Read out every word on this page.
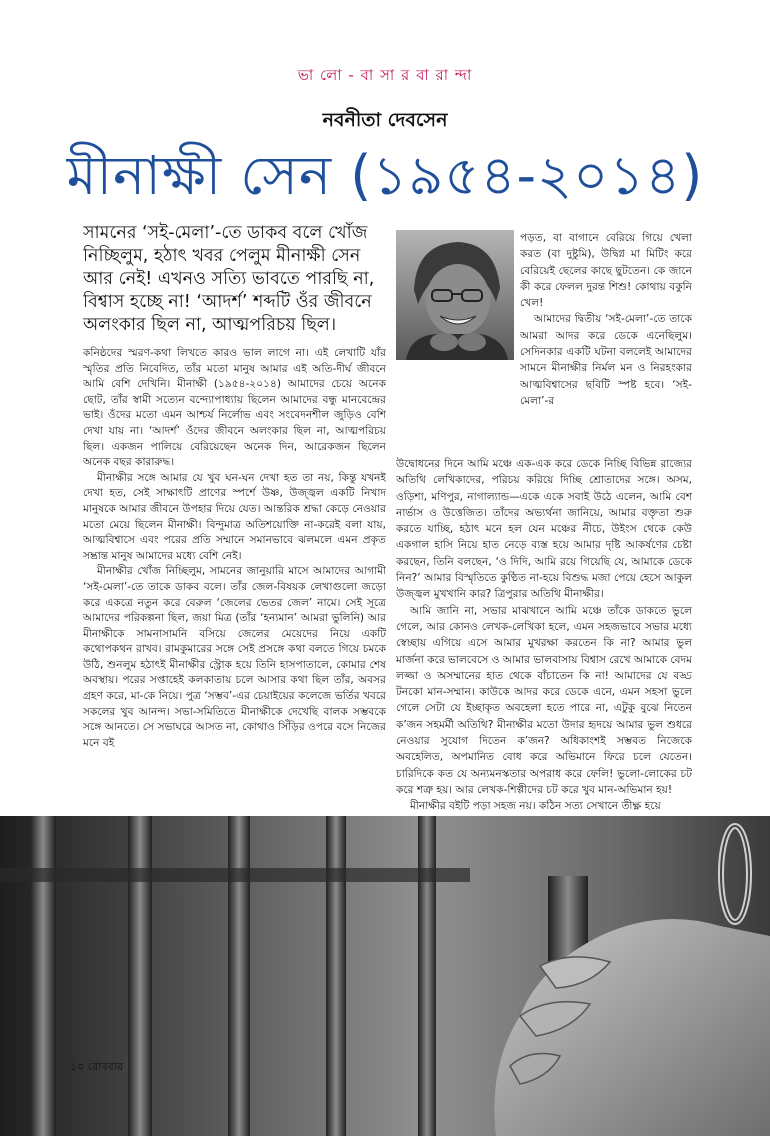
ভা লো - বা সা র বা রা ন্দা
নবনীতা দেবসেন
মীনাক্ষী সেন (১৯৫৪-২০১৪)
সামনের ‘সই-মেলা’-তে ডাকব বলে খোঁজ নিচ্ছিলুম, হঠাৎ খবর পেলুম মীনাক্ষী সেন আর নেই! এখনও সত্যি ভাবতে পারছি না, বিশ্বাস হচ্ছে না! ‘আদর্শ’ শব্দটি ওঁর জীবনে অলংকার ছিল না, আত্মপরিচয় ছিল।

কনিষ্ঠদের স্মরণ-কথা লিখতে কারও ভাল লাগে না। এই লেখাটি যাঁর স্মৃতির প্রতি নিবেদিত, তাঁর মতো মানুষ আমার এই অতি-দীর্ঘ জীবনে আমি বেশি দেখিনি। মীনাক্ষী (১৯৫৪-২০১৪) আমাদের চেয়ে অনেক ছোট, তাঁর স্বামী সত্যেন বন্দ্যোপাধ্যায় ছিলেন আমাদের বন্ধু মানবেন্দ্রের ভাই। ওঁদের মতো এমন আশ্চর্য নির্লোভ এবং সংবেদনশীল জুড়িও বেশি দেখা যায় না। ‘আদর্শ’ ওঁদের জীবনে অলংকার ছিল না, আত্মপরিচয় ছিল। একজন পালিয়ে বেরিয়েছেন অনেক দিন, আরেকজন ছিলেন অনেক বছর কারারুদ্ধ।

মীনাক্ষীর সঙ্গে আমার যে খুব ঘন-ঘন দেখা হত তা নয়, কিন্তু যখনই দেখা হত, সেই সাক্ষাৎটি প্রাণের স্পর্শে উষ্ণ, উজ্জ্বল একটি নিখাদ মানুষকে আমার জীবনে উপহার দিয়ে যেত। আন্তরিক শ্রদ্ধা কেড়ে নেওয়ার মতো মেয়ে ছিলেন মীনাক্ষী। বিন্দুমাত্র অতিশয়োক্তি না-করেই বলা যায়, আত্মবিশ্বাসে এবং পরের প্রতি সম্মানে সমানভাবে ঝলমলে এমন প্রকৃত সম্ভ্রান্ত মানুষ আমাদের মধ্যে বেশি নেই।

মীনাক্ষীর খোঁজ নিচ্ছিলুম, সামনের জানুয়ারি মাসে আমাদের আগামী ‘সই-মেলা’-তে তাকে ডাকব বলে। তাঁর জেল-বিষয়ক লেখাগুলো জড়ো করে একত্রে নতুন করে বেরুল ‘জেলের ভেতর জেল’ নামে। সেই সূত্রে আমাদের পরিকল্পনা ছিল, জয়া মিত্র (তাঁর ‘হন্যমান’ আমরা ভুলিনি) আর মীনাক্ষীকে সামনাসামনি বসিয়ে জেলের মেয়েদের নিয়ে একটি কথোপকথন রাখব। রামকুমারের সঙ্গে সেই প্রসঙ্গে কথা বলতে গিয়ে চমকে উঠি, শুনলুম হঠাৎই মীনাক্ষীর স্ট্রোক হয়ে তিনি হাসপাতালে, কোমার শেষ অবস্থায়। পরের সপ্তাহেই কলকাতায় চলে আসার কথা ছিল তাঁর, অবসর গ্রহণ করে, মা-কে নিয়ে। পুত্র ‘সম্ভব’-এর চেয়াইয়ের কলেজে ভর্তির খবরে সকলের খুব আনন্দ। সভা-সমিতিতে মীনাক্ষীকে দেখেছি বালক সম্ভবকে সঙ্গে আনতে। সে সভাঘরে আসত না, কোথাও সিঁড়ির ওপরে বসে নিজের মনে বই

পড়ত, বা বাগানে বেরিয়ে গিয়ে খেলা করত (বা দুষ্টুমি), উদ্বিগ্ন মা মিটিং করে বেরিয়েই ছেলের কাছে ছুটতেন। কে জানে কী করে ফেলল দুরন্ত শিশু! কোথায় বকুনি খেল!

আমাদের দ্বিতীয় ‘সই-মেলা’-তে তাকে আমরা আদর করে ডেকে এনেছিলুম। সেদিনকার একটি ঘটনা বললেই আমাদের সামনে মীনাক্ষীর নির্মল মন ও নিরহংকার আত্মবিশ্বাসের ছবিটি স্পষ্ট হবে। ‘সই-মেলা’-র

উদ্বোধনের দিনে আমি মঞ্চে এক-এক করে ডেকে নিচ্ছি বিভিন্ন রাজ্যের অতিথি লেখিকাদের, পরিচয় করিয়ে দিচ্ছি শ্রোতাদের সঙ্গে। অসম, ওড়িশা, মণিপুর, নাগাল্যান্ড—একে একে সবাই উঠে এলেন, আমি বেশ নার্ভাস ও উত্তেজিত। তাঁদের অভ্যর্থনা জানিয়ে, আমার বক্তৃতা শুরু করতে যাচ্ছি, হঠাৎ মনে হল যেন মঞ্চের নীচে, উইংস থেকে কেউ একগাল হাসি নিয়ে হাত নেড়ে ব্যস্ত হয়ে আমার দৃষ্টি আকর্ষণের চেষ্টা করছেন, তিনি বলছেন, ‘ও দিদি, আমি রয়ে গিয়েছি যে, আমাকে ডেকে নিন?’ আমার বিস্মৃতিতে কুণ্ঠিত না-হয়ে বিশুদ্ধ মজা পেয়ে হেসে আকুল উজ্জ্বল মুখখানি কার? ত্রিপুরার অতিথি মীনাক্ষীর।

আমি জানি না, সভার মাঝখানে আমি মঞ্চে তাঁকে ডাকতে ভুলে গেলে, আর কোনও লেখক-লেখিকা হলে, এমন সহজভাবে সভার মধ্যে স্বেচ্ছায় এগিয়ে এসে আমার মুখরক্ষা করতেন কি না? আমার ভুল মার্জনা করে ভালবেসে ও আমার ভালবাসায় বিশ্বাস রেখে আমাকে বেদম লজ্জা ও অসম্মানের হাত থেকে বাঁচাতেন কি না! আমাদের যে বড্ড টনকো মান-সম্মান। কাউকে আদর করে ডেকে এনে, এমন সহসা ভুলে গেলে সেটা যে ইচ্ছাকৃত অবহেলা হতে পারে না, এটুকু বুঝে নিতেন ক’জন সহমর্মী অতিথি? মীনাক্ষীর মতো উদার হৃদয়ে আমার ভুল শুধরে নেওয়ার সুযোগ দিতেন ক’জন? অধিকাংশই সম্ভবত নিজেকে অবহেলিত, অপমানিত বোধ করে অভিমানে ফিরে চলে যেতেন। চারিদিকে কত যে অন্যমনস্কতার অপরাধ করে ফেলি! ভুলো-লোকের চট করে শত্রু হয়। আর লেখক-শিল্পীদের চট করে খুব মান-অভিমান হয়!

মীনাক্ষীর বইটি পড়া সহজ নয়। কঠিন সত্য সেখানে তীক্ষ্ণ হয়ে

১০ রোববার
